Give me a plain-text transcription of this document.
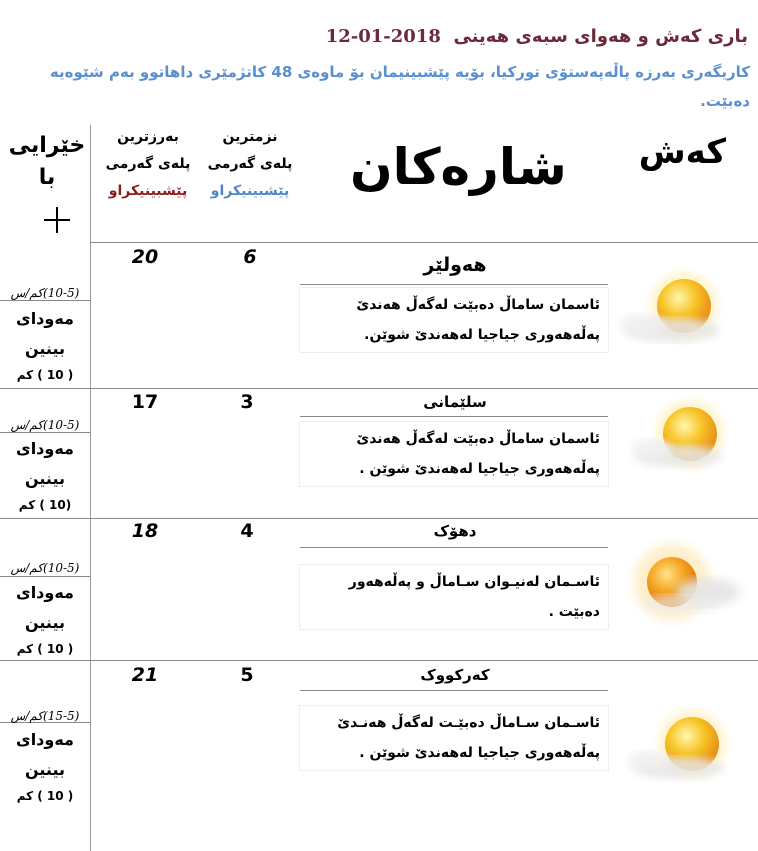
باری کەش و هەوای سبەی هەینی  2018-01-12
کاریگەری بەرزە پاڵەپەستۆی تورکیا، بۆیە پێشبینیمان بۆ ماوەی 48 کاتژمێری داهاتوو بەم شێوەیە دەبێت.
کەش
شارەکان
نزمترین
پلەی گەرمی
پێشبینیکراو
بەرزترین
پلەی گەرمی
پێشبینیکراو
خێرایی
با
20	6	هەولێر
ئاسمان ساماڵ دەبێت لەگەڵ هەندێ پەڵەهەوری جیاجیا لەهەندێ شوێن.
(10-5)کم/س
مەودای
بینین
( 10 ) کم
17	3	سلێمانی
ئاسمان ساماڵ دەبێت لەگەڵ هەندێ پەڵەهەوری جیاجیا لەهەندێ شوێن .
(10-5)کم/س
مەودای
بینین
(10 ) کم
18	4	دهۆک
ئاسـمان لەنیـوان سـاماڵ و پەڵەهەور دەبێت .
(10-5)کم/س
مەودای
بینین
( 10 ) کم
21	5	کەرکووک
ئاسـمان سـاماڵ دەبێـت لەگەڵ هەنـدێ پەڵەهەوری جیاجیا لەهەندێ شوێن .
(15-5)کم/س
مەودای
بینین
( 10 ) کم
